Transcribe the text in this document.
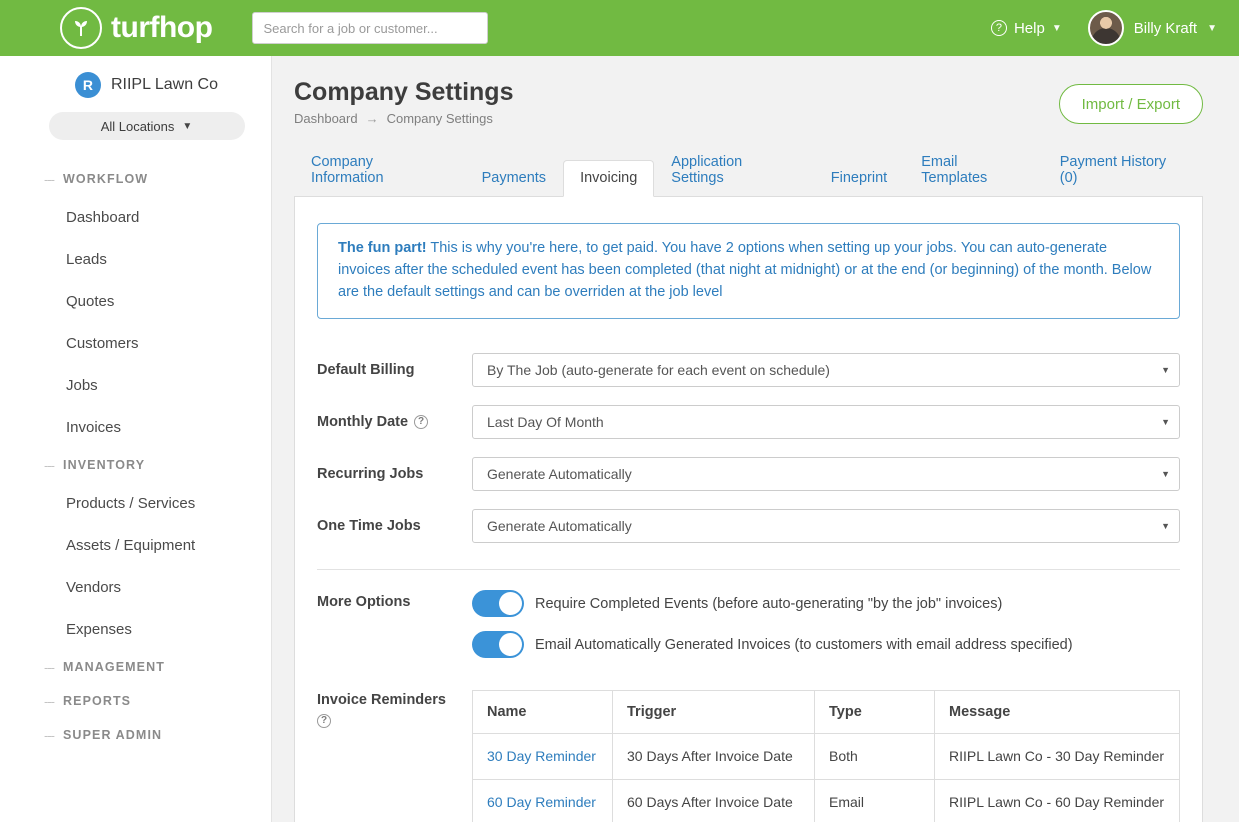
turfhop
Search for a job or customer...	? Help ▼	Billy Kraft ▼
R	RIIPL Lawn Co
All Locations ▼
--- WORKFLOW
Dashboard
Leads
Quotes
Customers
Jobs
Invoices
--- INVENTORY
Products / Services
Assets / Equipment
Vendors
Expenses
--- MANAGEMENT
--- REPORTS
--- SUPER ADMIN
Company Settings
Dashboard → Company Settings
Import / Export
Company Information	Payments	Invoicing
Application Settings	Fineprint
Email Templates
Payment History (0)
The fun part! This is why you're here, to get paid. You have 2 options when setting up your jobs. You can auto-generate invoices after the scheduled event has been completed (that night at midnight) or at the end (or beginning) of the month. Below are the default settings and can be overriden at the job level
Default Billing	By The Job (auto-generate for each event on schedule)	▼
Monthly Date ?	Last Day Of Month	▼
Recurring Jobs	Generate Automatically	▼
One Time Jobs	Generate Automatically	▼
More Options	Require Completed Events (before auto-generating "by the job" invoices)
Email Automatically Generated Invoices (to customers with email address specified)
Invoice Reminders
?
Name	Trigger	Type	Message
30 Day Reminder	30 Days After Invoice Date	Both	RIIPL Lawn Co - 30 Day Reminder
60 Day Reminder	60 Days After Invoice Date	Email	RIIPL Lawn Co - 60 Day Reminder
